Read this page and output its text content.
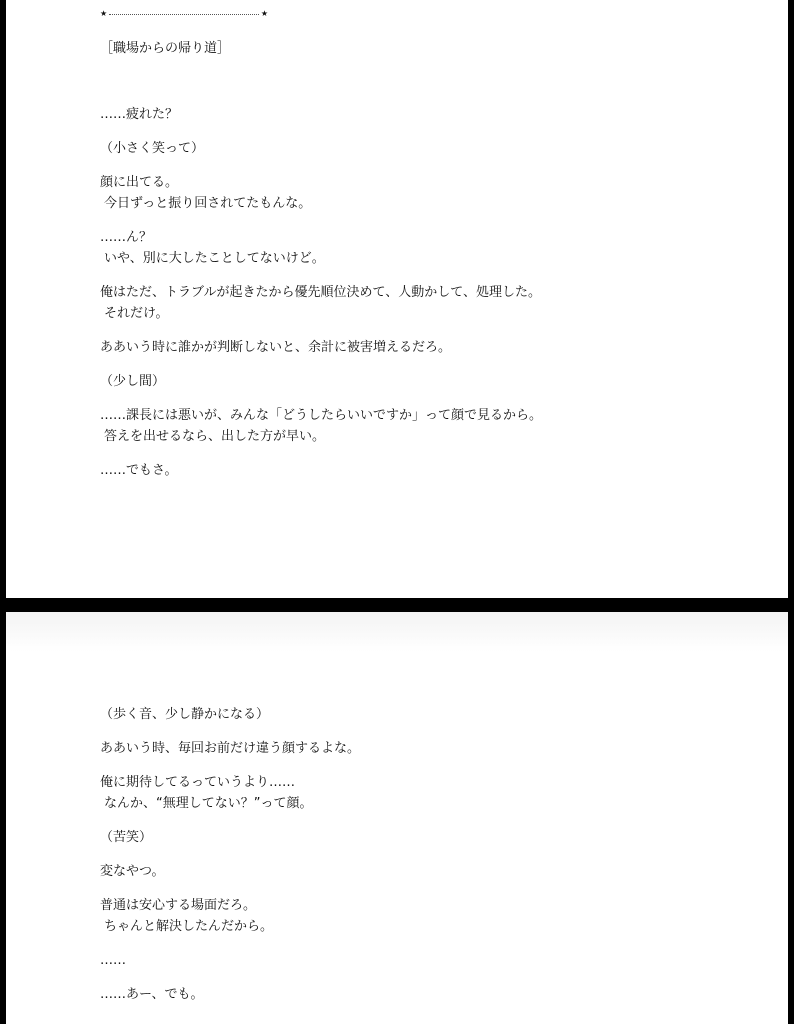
★	★
［職場からの帰り道］
……疲れた？
（小さく笑って）
顔に出てる。
今日ずっと振り回されてたもんな。
……ん？
いや、別に大したことしてないけど。
俺はただ、トラブルが起きたから優先順位決めて、人動かして、処理した。
それだけ。
ああいう時に誰かが判断しないと、余計に被害増えるだろ。
（少し間）
……課長には悪いが、みんな「どうしたらいいですか」って顔で見るから。
答えを出せるなら、出した方が早い。
……でもさ。
（歩く音、少し静かになる）
ああいう時、毎回お前だけ違う顔するよな。
俺に期待してるっていうより……
なんか、“無理してない？”って顔。
（苦笑）
変なやつ。
普通は安心する場面だろ。
ちゃんと解決したんだから。
……
……あー、でも。
